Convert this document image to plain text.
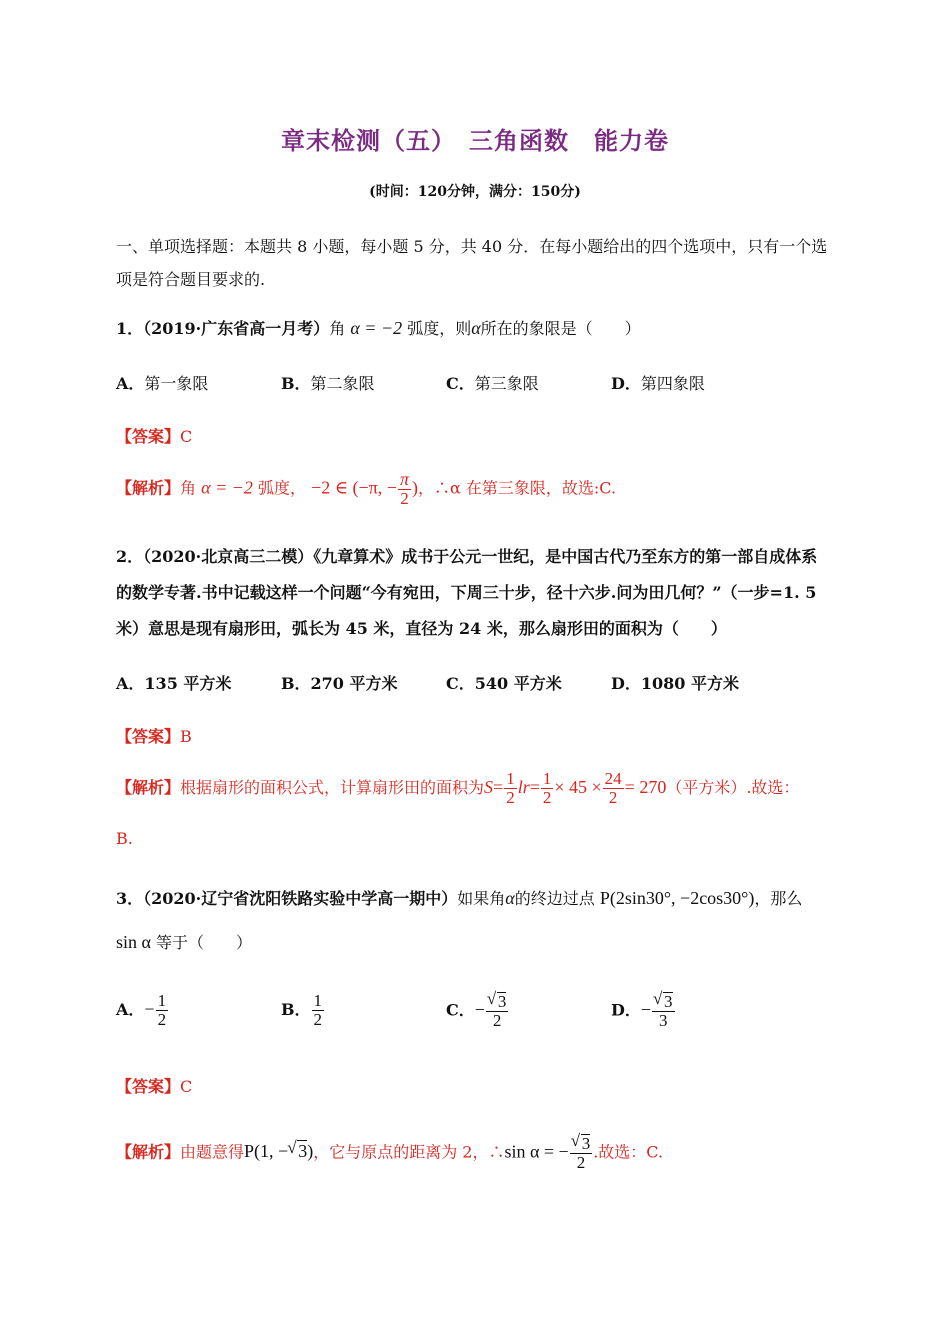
章末检测（五）　三角函数　能力卷
(时间：120分钟，满分：150分)
一、单项选择题：本题共 8 小题，每小题 5 分，共 40 分．在每小题给出的四个选项中，只有一个选
项是符合题目要求的.
1．（2019·广东省高一月考）角 α = −2 弧度，则α所在的象限是（　　）
A．第一象限	B．第二象限	C．第三象限	D．第四象限
【答案】C
【解析】角 α = −2 弧度， −2 ∈ (−π, − $\frac{\pi}{2}$ )，∴α 在第三象限，故选:C.
2．（2020·北京高三二模）《九章算术》成书于公元一世纪，是中国古代乃至东方的第一部自成体系
的数学专著.书中记载这样一个问题“今有宛田，下周三十步，径十六步.问为田几何？”（一步=1. 5
米）意思是现有扇形田，弧长为 45 米，直径为 24 米，那么扇形田的面积为（　　）
A．135 平方米	B．270 平方米	C．540 平方米	D．1080 平方米
【答案】B
【解析】根据扇形的面积公式，计算扇形田的面积为$S= \frac{1}{2} lr= \frac{1}{2} \times 45 \times \frac{24}{2} = 270$（平方米）.故选：
B.
3．（2020·辽宁省沈阳铁路实验中学高一期中）如果角α的终边过点 P(2sin30°, −2cos30°)，那么
sin α 等于（　　）
A．− $\frac{1}{2}$	B． $\frac{1}{2}$	C．− √ $\frac{3}{2}$	D．− √ $\frac{3}{3}$
【答案】C
【解析】由题意得P(1, − √ 3)，它与原点的距离为 2，∴sin α = − √ $\frac{3}{2}$ .故选：C.
